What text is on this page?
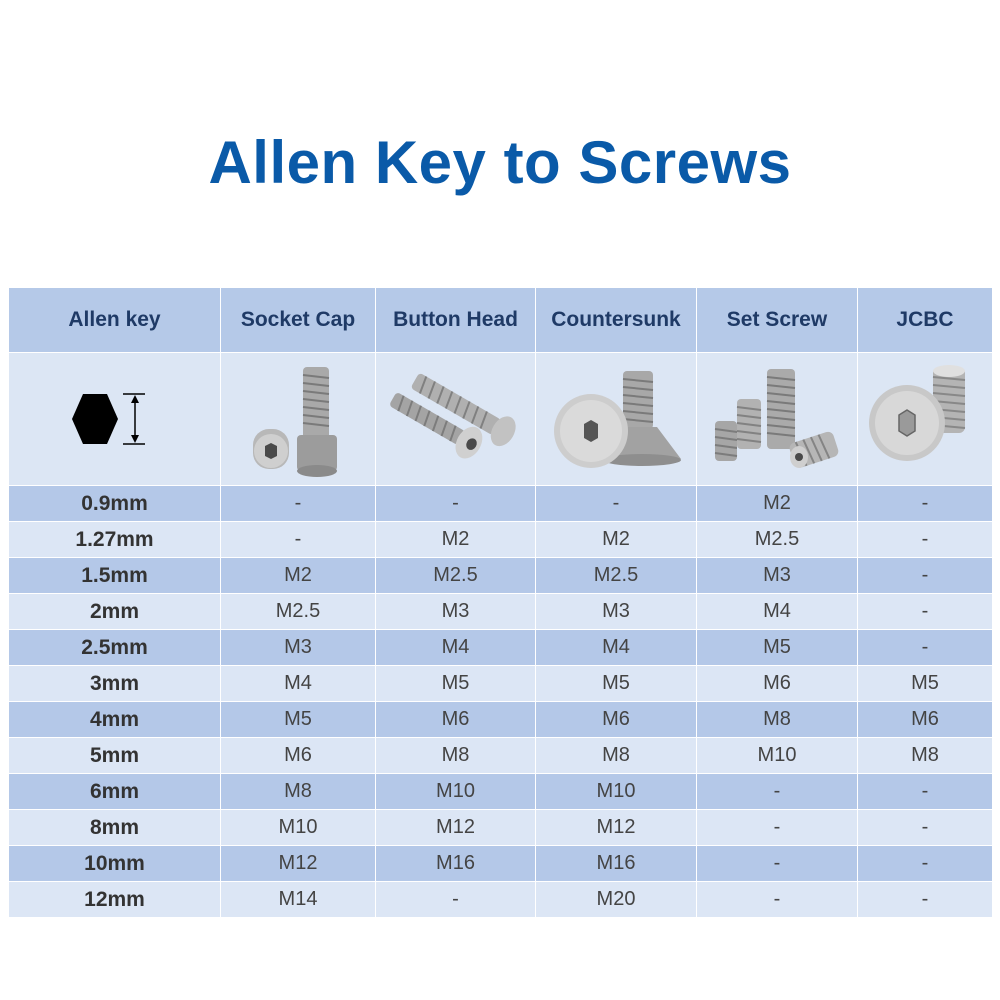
Allen Key to Screws
Allen key	Socket Cap	Button Head	Countersunk	Set Screw	JCBC

0.9mm	-	-	-	M2	-
1.27mm	-	M2	M2	M2.5	-
1.5mm	M2	M2.5	M2.5	M3	-
2mm	M2.5	M3	M3	M4	-
2.5mm	M3	M4	M4	M5	-
3mm	M4	M5	M5	M6	M5
4mm	M5	M6	M6	M8	M6
5mm	M6	M8	M8	M10	M8
6mm	M8	M10	M10	-	-
8mm	M10	M12	M12	-	-
10mm	M12	M16	M16	-	-
12mm	M14	-	M20	-	-
